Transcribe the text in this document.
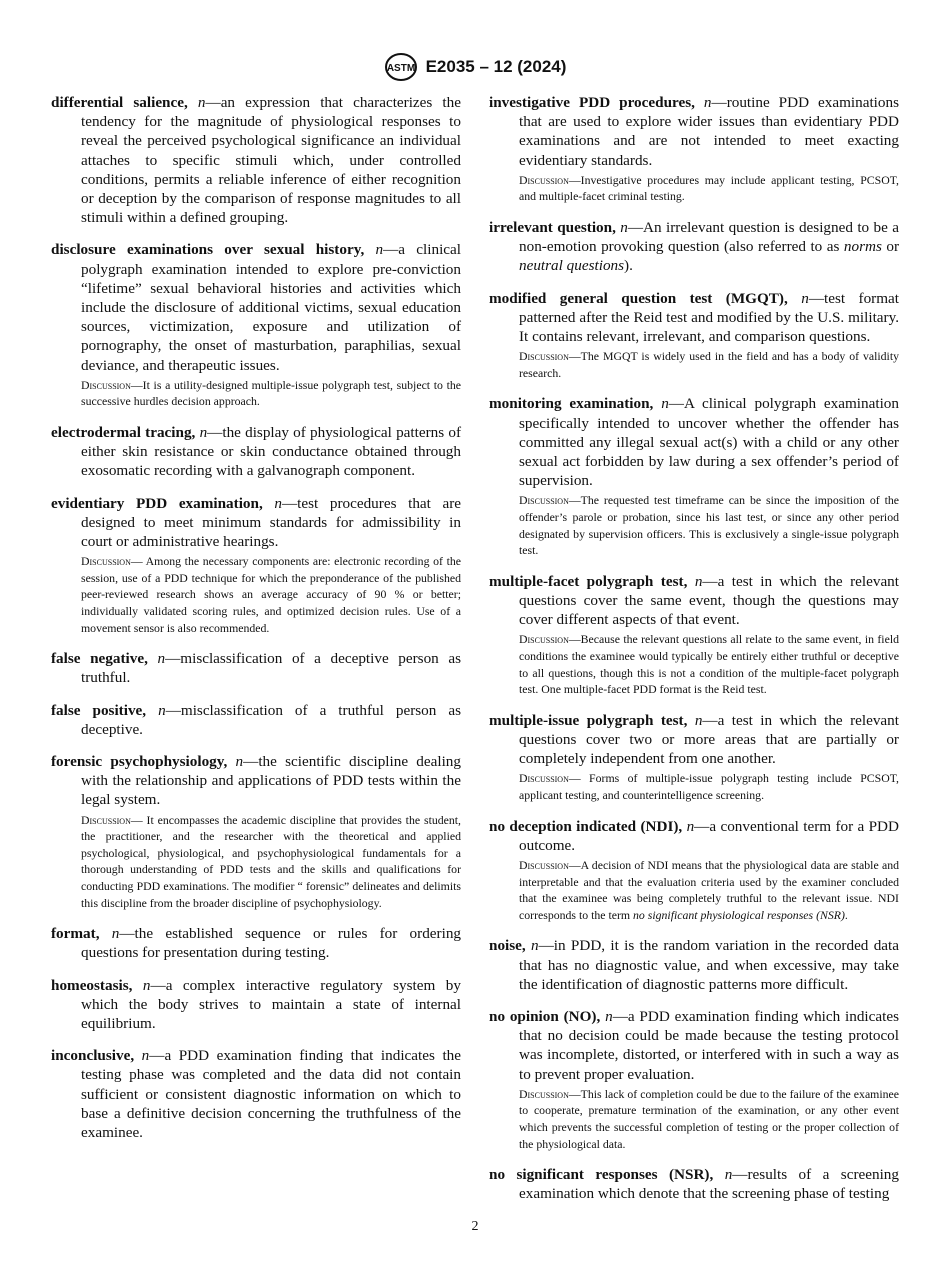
ASTM E2035 – 12 (2024)

differential salience, n—an expression that characterizes the tendency for the magnitude of physiological responses to reveal the perceived psychological significance an individual attaches to specific stimuli which, under controlled conditions, permits a reliable inference of either recognition or deception by the comparison of response magnitudes to all stimuli within a defined grouping.

disclosure examinations over sexual history, n—a clinical polygraph examination intended to explore pre-conviction “lifetime” sexual behavioral histories and activities which include the disclosure of additional victims, sexual education sources, victimization, exposure and utilization of pornography, the onset of masturbation, paraphilias, sexual deviance, and therapeutic issues.

Discussion—It is a utility-designed multiple-issue polygraph test, subject to the successive hurdles decision approach.

electrodermal tracing, n—the display of physiological patterns of either skin resistance or skin conductance obtained through exosomatic recording with a galvanograph component.

evidentiary PDD examination, n—test procedures that are designed to meet minimum standards for admissibility in court or administrative hearings.

Discussion— Among the necessary components are: electronic recording of the session, use of a PDD technique for which the preponderance of the published peer-reviewed research shows an average accuracy of 90 % or better; individually validated scoring rules, and optimized decision rules. Use of a movement sensor is also recommended.

false negative, n—misclassification of a deceptive person as truthful.

false positive, n—misclassification of a truthful person as deceptive.

forensic psychophysiology, n—the scientific discipline dealing with the relationship and applications of PDD tests within the legal system.

Discussion— It encompasses the academic discipline that provides the student, the practitioner, and the researcher with the theoretical and applied psychological, physiological, and psychophysiological fundamentals for a thorough understanding of PDD tests and the skills and qualifications for conducting PDD examinations. The modifier “ forensic” delineates and delimits this discipline from the broader discipline of psychophysiology.

format, n—the established sequence or rules for ordering questions for presentation during testing.

homeostasis, n—a complex interactive regulatory system by which the body strives to maintain a state of internal equilibrium.

inconclusive, n—a PDD examination finding that indicates the testing phase was completed and the data did not contain sufficient or consistent diagnostic information on which to base a definitive decision concerning the truthfulness of the examinee.

investigative PDD procedures, n—routine PDD examinations that are used to explore wider issues than evidentiary PDD examinations and are not intended to meet exacting evidentiary standards.

Discussion—Investigative procedures may include applicant testing, PCSOT, and multiple-facet criminal testing.

irrelevant question, n—An irrelevant question is designed to be a non-emotion provoking question (also referred to as norms or neutral questions).

modified general question test (MGQT), n—test format patterned after the Reid test and modified by the U.S. military. It contains relevant, irrelevant, and comparison questions.

Discussion—The MGQT is widely used in the field and has a body of validity research.

monitoring examination, n—A clinical polygraph examination specifically intended to uncover whether the offender has committed any illegal sexual act(s) with a child or any other sexual act forbidden by law during a sex offender’s period of supervision.

Discussion—The requested test timeframe can be since the imposition of the offender’s parole or probation, since his last test, or since any other period designated by supervision officers. This is exclusively a single-issue polygraph test.

multiple-facet polygraph test, n—a test in which the relevant questions cover the same event, though the questions may cover different aspects of that event.

Discussion—Because the relevant questions all relate to the same event, in field conditions the examinee would typically be entirely either truthful or deceptive to all questions, though this is not a condition of the multiple-facet polygraph test. One multiple-facet PDD format is the Reid test.

multiple-issue polygraph test, n—a test in which the relevant questions cover two or more areas that are partially or completely independent from one another.

Discussion— Forms of multiple-issue polygraph testing include PCSOT, applicant testing, and counterintelligence screening.

no deception indicated (NDI), n—a conventional term for a PDD outcome.

Discussion—A decision of NDI means that the physiological data are stable and interpretable and that the evaluation criteria used by the examiner concluded that the examinee was being completely truthful to the relevant issue. NDI corresponds to the term no significant physiological responses (NSR).

noise, n—in PDD, it is the random variation in the recorded data that has no diagnostic value, and when excessive, may take the identification of diagnostic patterns more difficult.

no opinion (NO), n—a PDD examination finding which indicates that no decision could be made because the testing protocol was incomplete, distorted, or interfered with in such a way as to prevent proper evaluation.

Discussion—This lack of completion could be due to the failure of the examinee to cooperate, premature termination of the examination, or any other event which prevents the successful completion of testing or the proper collection of the physiological data.

no significant responses (NSR), n—results of a screening examination which denote that the screening phase of testing

2
